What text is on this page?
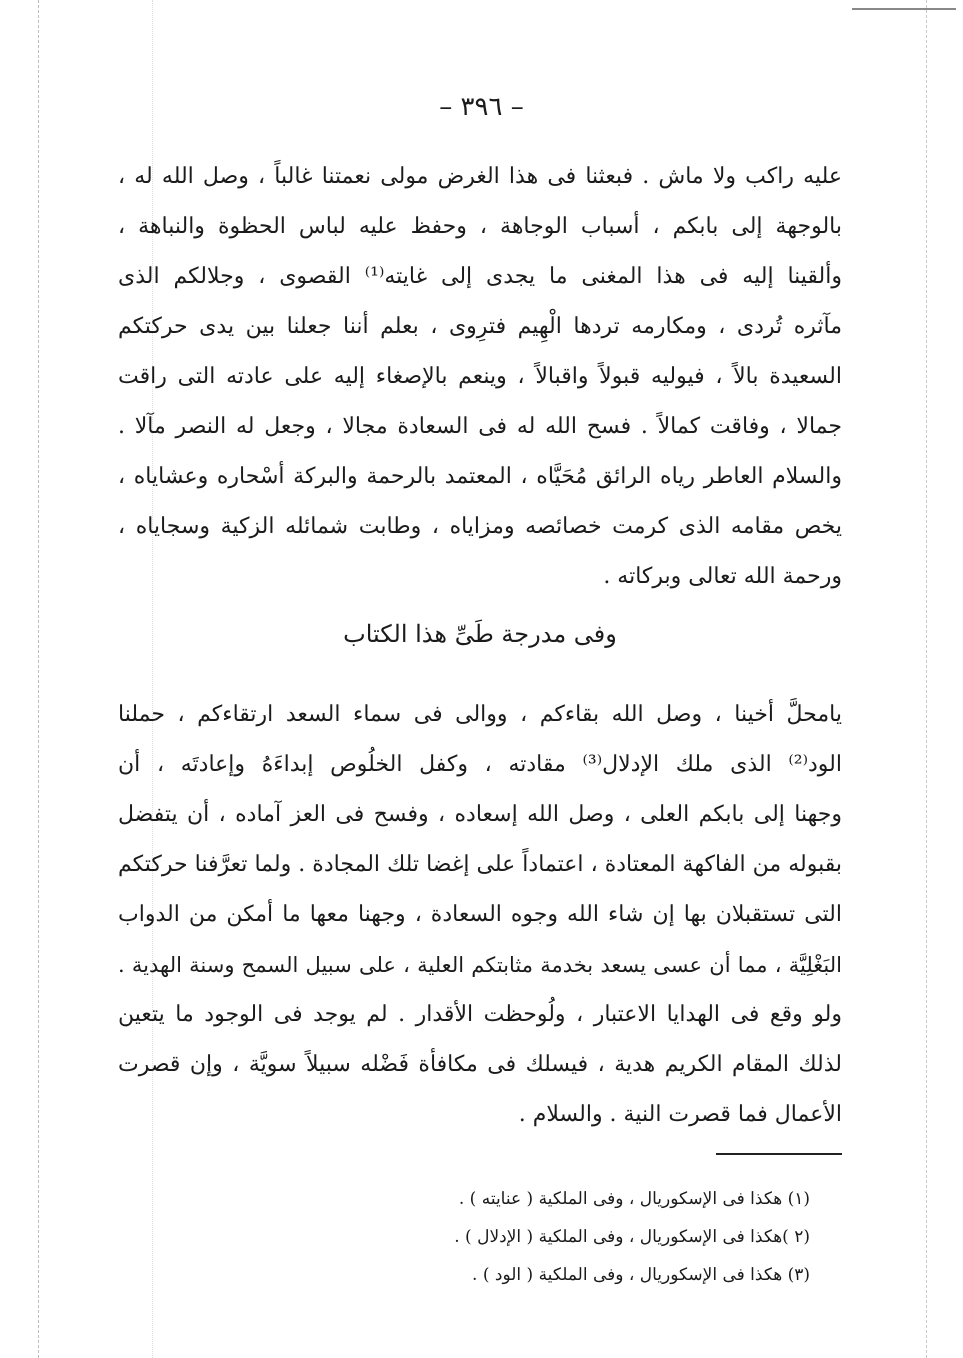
– ٣٩٦ –
عليه راكب ولا ماش . فبعثنا فى هذا الغرض مولى نعمتنا غالباً ، وصل الله له ،
بالوجهة إلى بابكم ، أسباب الوجاهة ، وحفظ عليه لباس الحظوة والنباهة ،
وألقينا إليه فى هذا المغنى ما يجدى إلى غايته⁽¹⁾ القصوى ، وجلالكم الذى
مآثره تُردى ، ومكارمه تردها الْهِيم فترِوى ، بعلم أننا جعلنا بين يدى حركتكم
السعيدة بالاً ، فيوليه قبولاً واقبالاً ، وينعم بالإصغاء إليه على عادته التى راقت
جمالا ، وفاقت كمالاً . فسح الله له فى السعادة مجالا ، وجعل له النصر مآلا .
والسلام العاطر رياه الرائق مُحَيَّاه ، المعتمد بالرحمة والبركة أسْحاره وعشاياه ،
يخص مقامه الذى كرمت خصائصه ومزاياه ، وطابت شمائله الزكية وسجاياه ،
ورحمة الله تعالى وبركاته .
وفى مدرجة طَىِّ هذا الكتاب
يامحلَّ أخينا ، وصل الله بقاءكم ، ووالى فى سماء السعد ارتقاءكم ، حملنا
الود⁽²⁾ الذى ملك الإدلال⁽³⁾ مقادته ، وكفل الخلُوص إبداءَهُ وإعادتَه ، أن
وجهنا إلى بابكم العلى ، وصل الله إسعاده ، وفسح فى العز آماده ، أن يتفضل
بقبوله من الفاكهة المعتادة ، اعتماداً على إغضا تلك المجادة . ولما تعرَّفنا حركتكم
التى تستقبلان بها إن شاء الله وجوه السعادة ، وجهنا معها ما أمكن من الدواب
البَغْلِيَّة ، مما أن عسى يسعد بخدمة مثابتكم العلية ، على سبيل السمح وسنة الهدية .
ولو وقع فى الهدايا الاعتبار ، ولُوحظت الأقدار . لم يوجد فى الوجود ما يتعين
لذلك المقام الكريم هدية ، فيسلك فى مكافأة فَضْله سبيلاً سويَّة ، وإن قصرت
الأعمال فما قصرت النية . والسلام .
(١) هكذا فى الإسكوريال ، وفى الملكية ( عنايته ) .
(٢ )هكذا فى الإسكوريال ، وفى الملكية ( الإدلال ) .
(٣) هكذا فى الإسكوريال ، وفى الملكية ( الود ) .
